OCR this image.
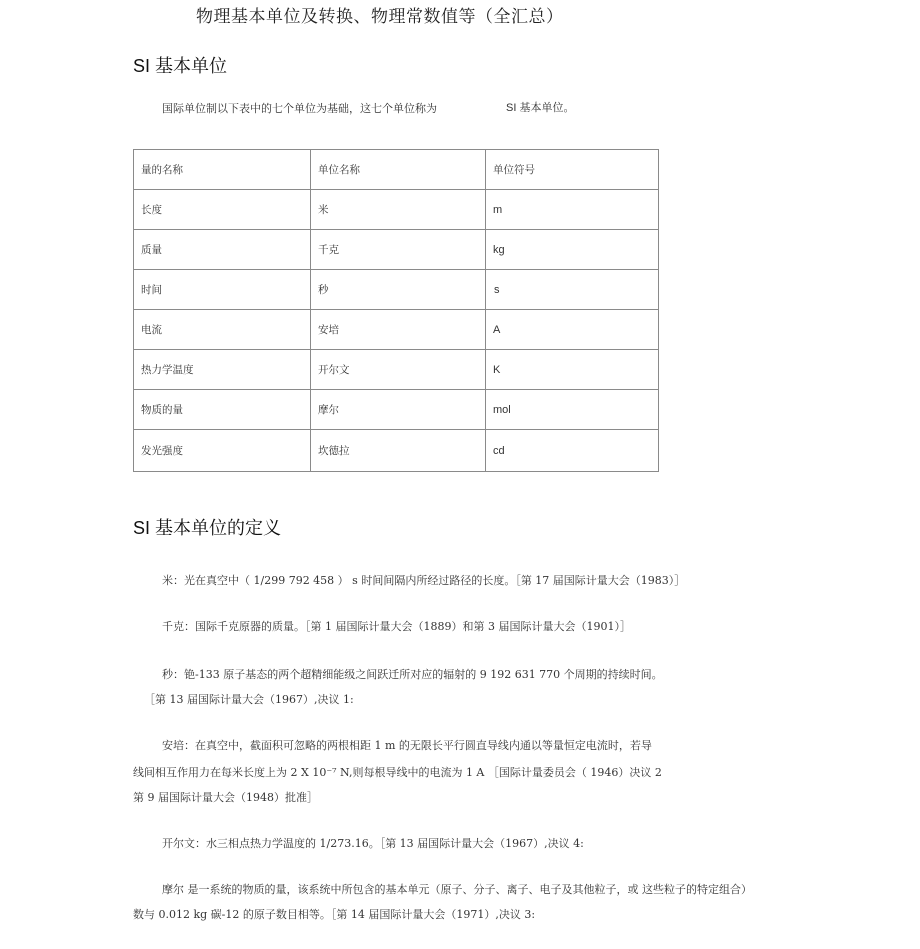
物理基本单位及转换、物理常数值等（全汇总）
SI 基本单位
国际单位制以下表中的七个单位为基础，这七个单位称为	SI 基本单位。
量的名称	单位名称	单位符号
长度	米	m
质量	千克	kg
时间	秒	s
电流	安培	A
热力学温度	开尔文	K
物质的量	摩尔	mol
发光强度	坎德拉	cd
SI 基本单位的定义
米：光在真空中（ 1/299 792 458 ） s 时间间隔内所经过路径的长度。［第 17 届国际计量大会（1983）］
千克：国际千克原器的质量。［第 1 届国际计量大会（1889）和第 3 届国际计量大会（1901）］
秒：铯-133 原子基态的两个超精细能级之间跃迁所对应的辐射的 9 192 631 770 个周期的持续时间。
［第 13 届国际计量大会（1967）,决议 1:
安培：在真空中，截面积可忽略的两根相距 1 m 的无限长平行圆直导线内通以等量恒定电流时，若导
线间相互作用力在每米长度上为 2 X 10⁻⁷ N,则每根导线中的电流为 1 A ［国际计量委员会（ 1946）决议 2
第 9 届国际计量大会（1948）批准］
开尔文：水三相点热力学温度的 1/273.16。［第 13 届国际计量大会（1967）,决议 4:
摩尔 是一系统的物质的量，该系统中所包含的基本单元（原子、分子、离子、电子及其他粒子，或 这些粒子的特定组合）
数与 0.012 kg 碳-12 的原子数目相等。［第 14 届国际计量大会（1971）,决议 3:
